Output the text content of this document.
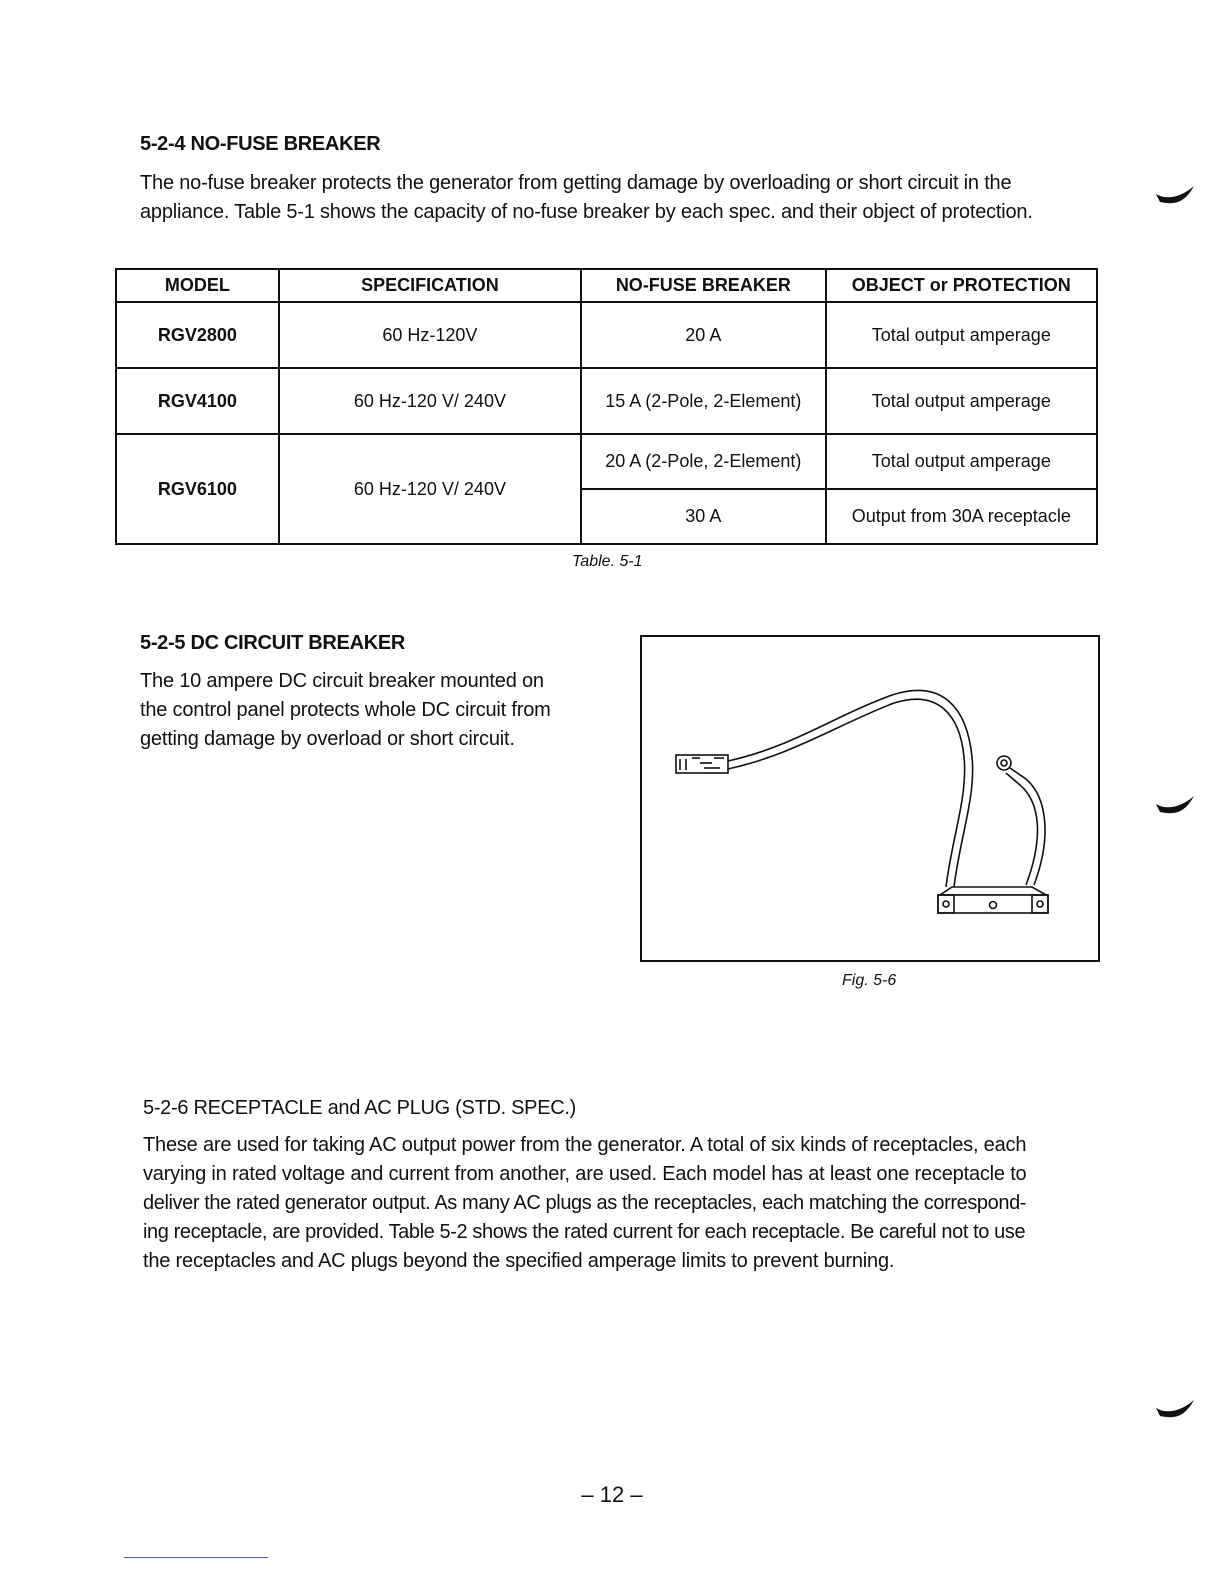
5-2-4 NO-FUSE BREAKER

The no-fuse breaker protects the generator from getting damage by overloading or short circuit in the

appliance. Table 5-1 shows the capacity of no-fuse breaker by each spec. and their object of protection.

MODEL	SPECIFICATION	NO-FUSE BREAKER	OBJECT or PROTECTION
RGV2800	60 Hz-120V	20 A	Total output amperage
RGV4100	60 Hz-120 V/ 240V	15 A (2-Pole, 2-Element)	Total output amperage
RGV6100	60 Hz-120 V/ 240V	20 A (2-Pole, 2-Element)	Total output amperage
		30 A	Output from 30A receptacle
Table. 5-1
5-2-5 DC CIRCUIT BREAKER

The 10 ampere DC circuit breaker mounted on

the control panel protects whole DC circuit from

getting damage by overload or short circuit.

Fig. 5-6
5-2-6 RECEPTACLE and AC PLUG (STD. SPEC.)

These are used for taking AC output power from the generator. A total of six kinds of receptacles, each

varying in rated voltage and current from another, are used. Each model has at least one receptacle to

deliver the rated generator output. As many AC plugs as the receptacles, each matching the correspond-

ing receptacle, are provided. Table 5-2 shows the rated current for each receptacle. Be careful not to use

the receptacles and AC plugs beyond the specified amperage limits to prevent burning.

– 12 –
